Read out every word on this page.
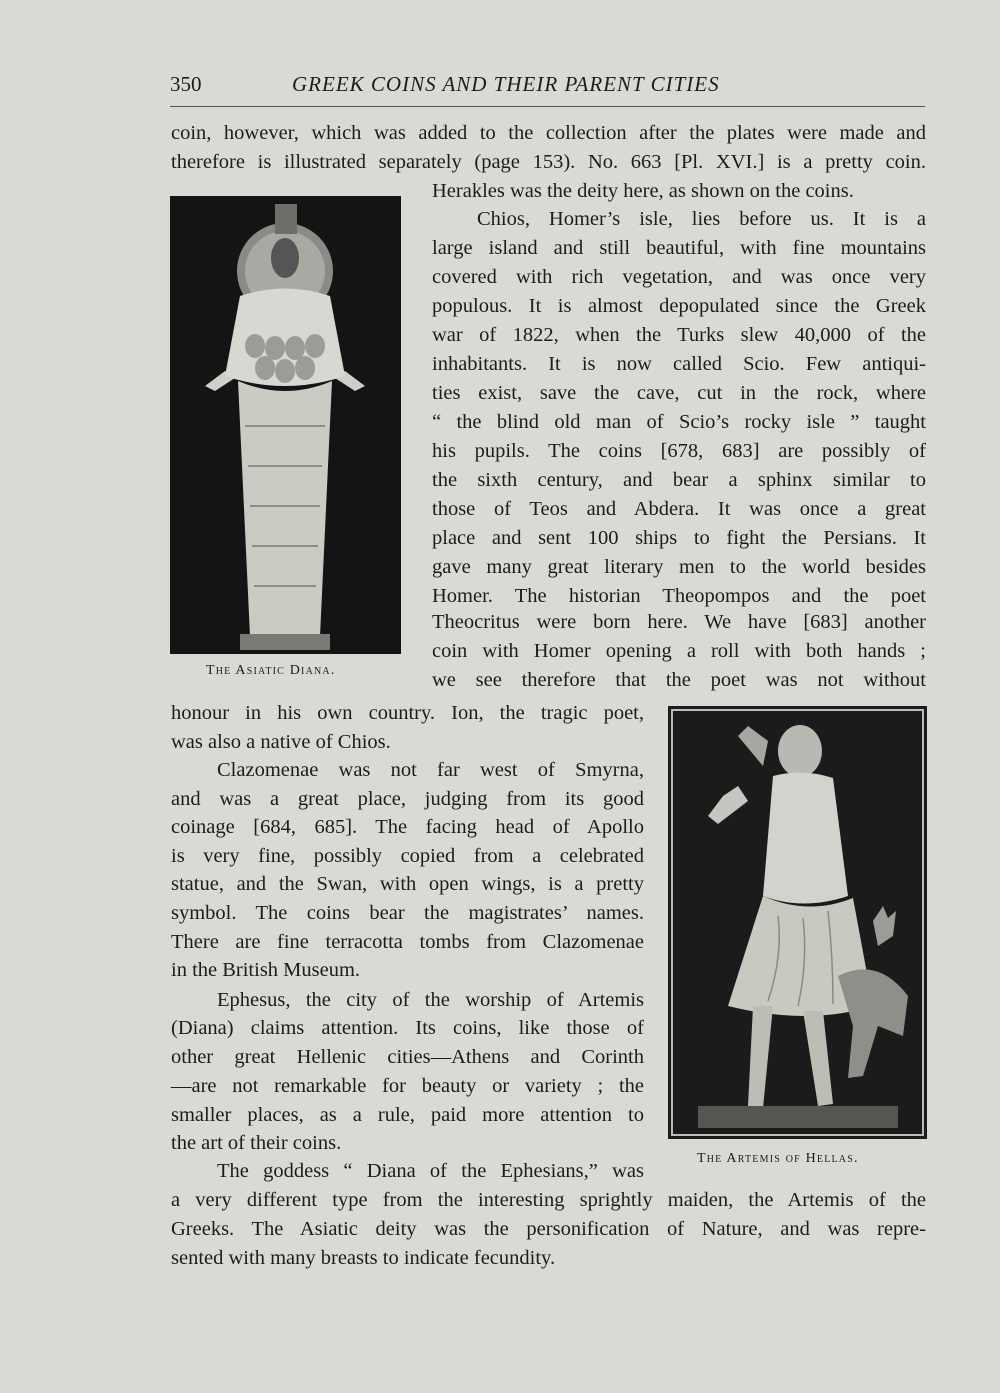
350	GREEK COINS AND THEIR PARENT CITIES
The Asiatic Diana.
The Artemis of Hellas.
coin, however, which was added to the collection after the plates were made and
therefore is illustrated separately (page 153). No. 663 [Pl. XVI.] is a pretty coin.
Herakles was the deity here, as shown on the coins.
Chios, Homer’s isle, lies before us. It is a
large island and still beautiful, with fine mountains
covered with rich vegetation, and was once very
populous. It is almost depopulated since the Greek
war of 1822, when the Turks slew 40,000 of the
inhabitants. It is now called Scio. Few antiqui-
ties exist, save the cave, cut in the rock, where
“ the blind old man of Scio’s rocky isle ” taught
his pupils. The coins [678, 683] are possibly of
the sixth century, and bear a sphinx similar to
those of Teos and Abdera. It was once a great
place and sent 100 ships to fight the Persians. It
gave many great literary men to the world besides
Homer. The historian Theopompos and the poet
Theocritus were born here. We have [683] another
coin with Homer opening a roll with both hands ;
we see therefore that the poet was not without
honour in his own country. Ion, the tragic poet,
was also a native of Chios.
Clazomenae was not far west of Smyrna,
and was a great place, judging from its good
coinage [684, 685]. The facing head of Apollo
is very fine, possibly copied from a celebrated
statue, and the Swan, with open wings, is a pretty
symbol. The coins bear the magistrates’ names.
There are fine terracotta tombs from Clazomenae
in the British Museum.
Ephesus, the city of the worship of Artemis
(Diana) claims attention. Its coins, like those of
other great Hellenic cities—Athens and Corinth
—are not remarkable for beauty or variety ; the
smaller places, as a rule, paid more attention to
the art of their coins.
The goddess “ Diana of the Ephesians,” was
a very different type from the interesting sprightly maiden, the Artemis of the
Greeks. The Asiatic deity was the personification of Nature, and was repre-
sented with many breasts to indicate fecundity.
